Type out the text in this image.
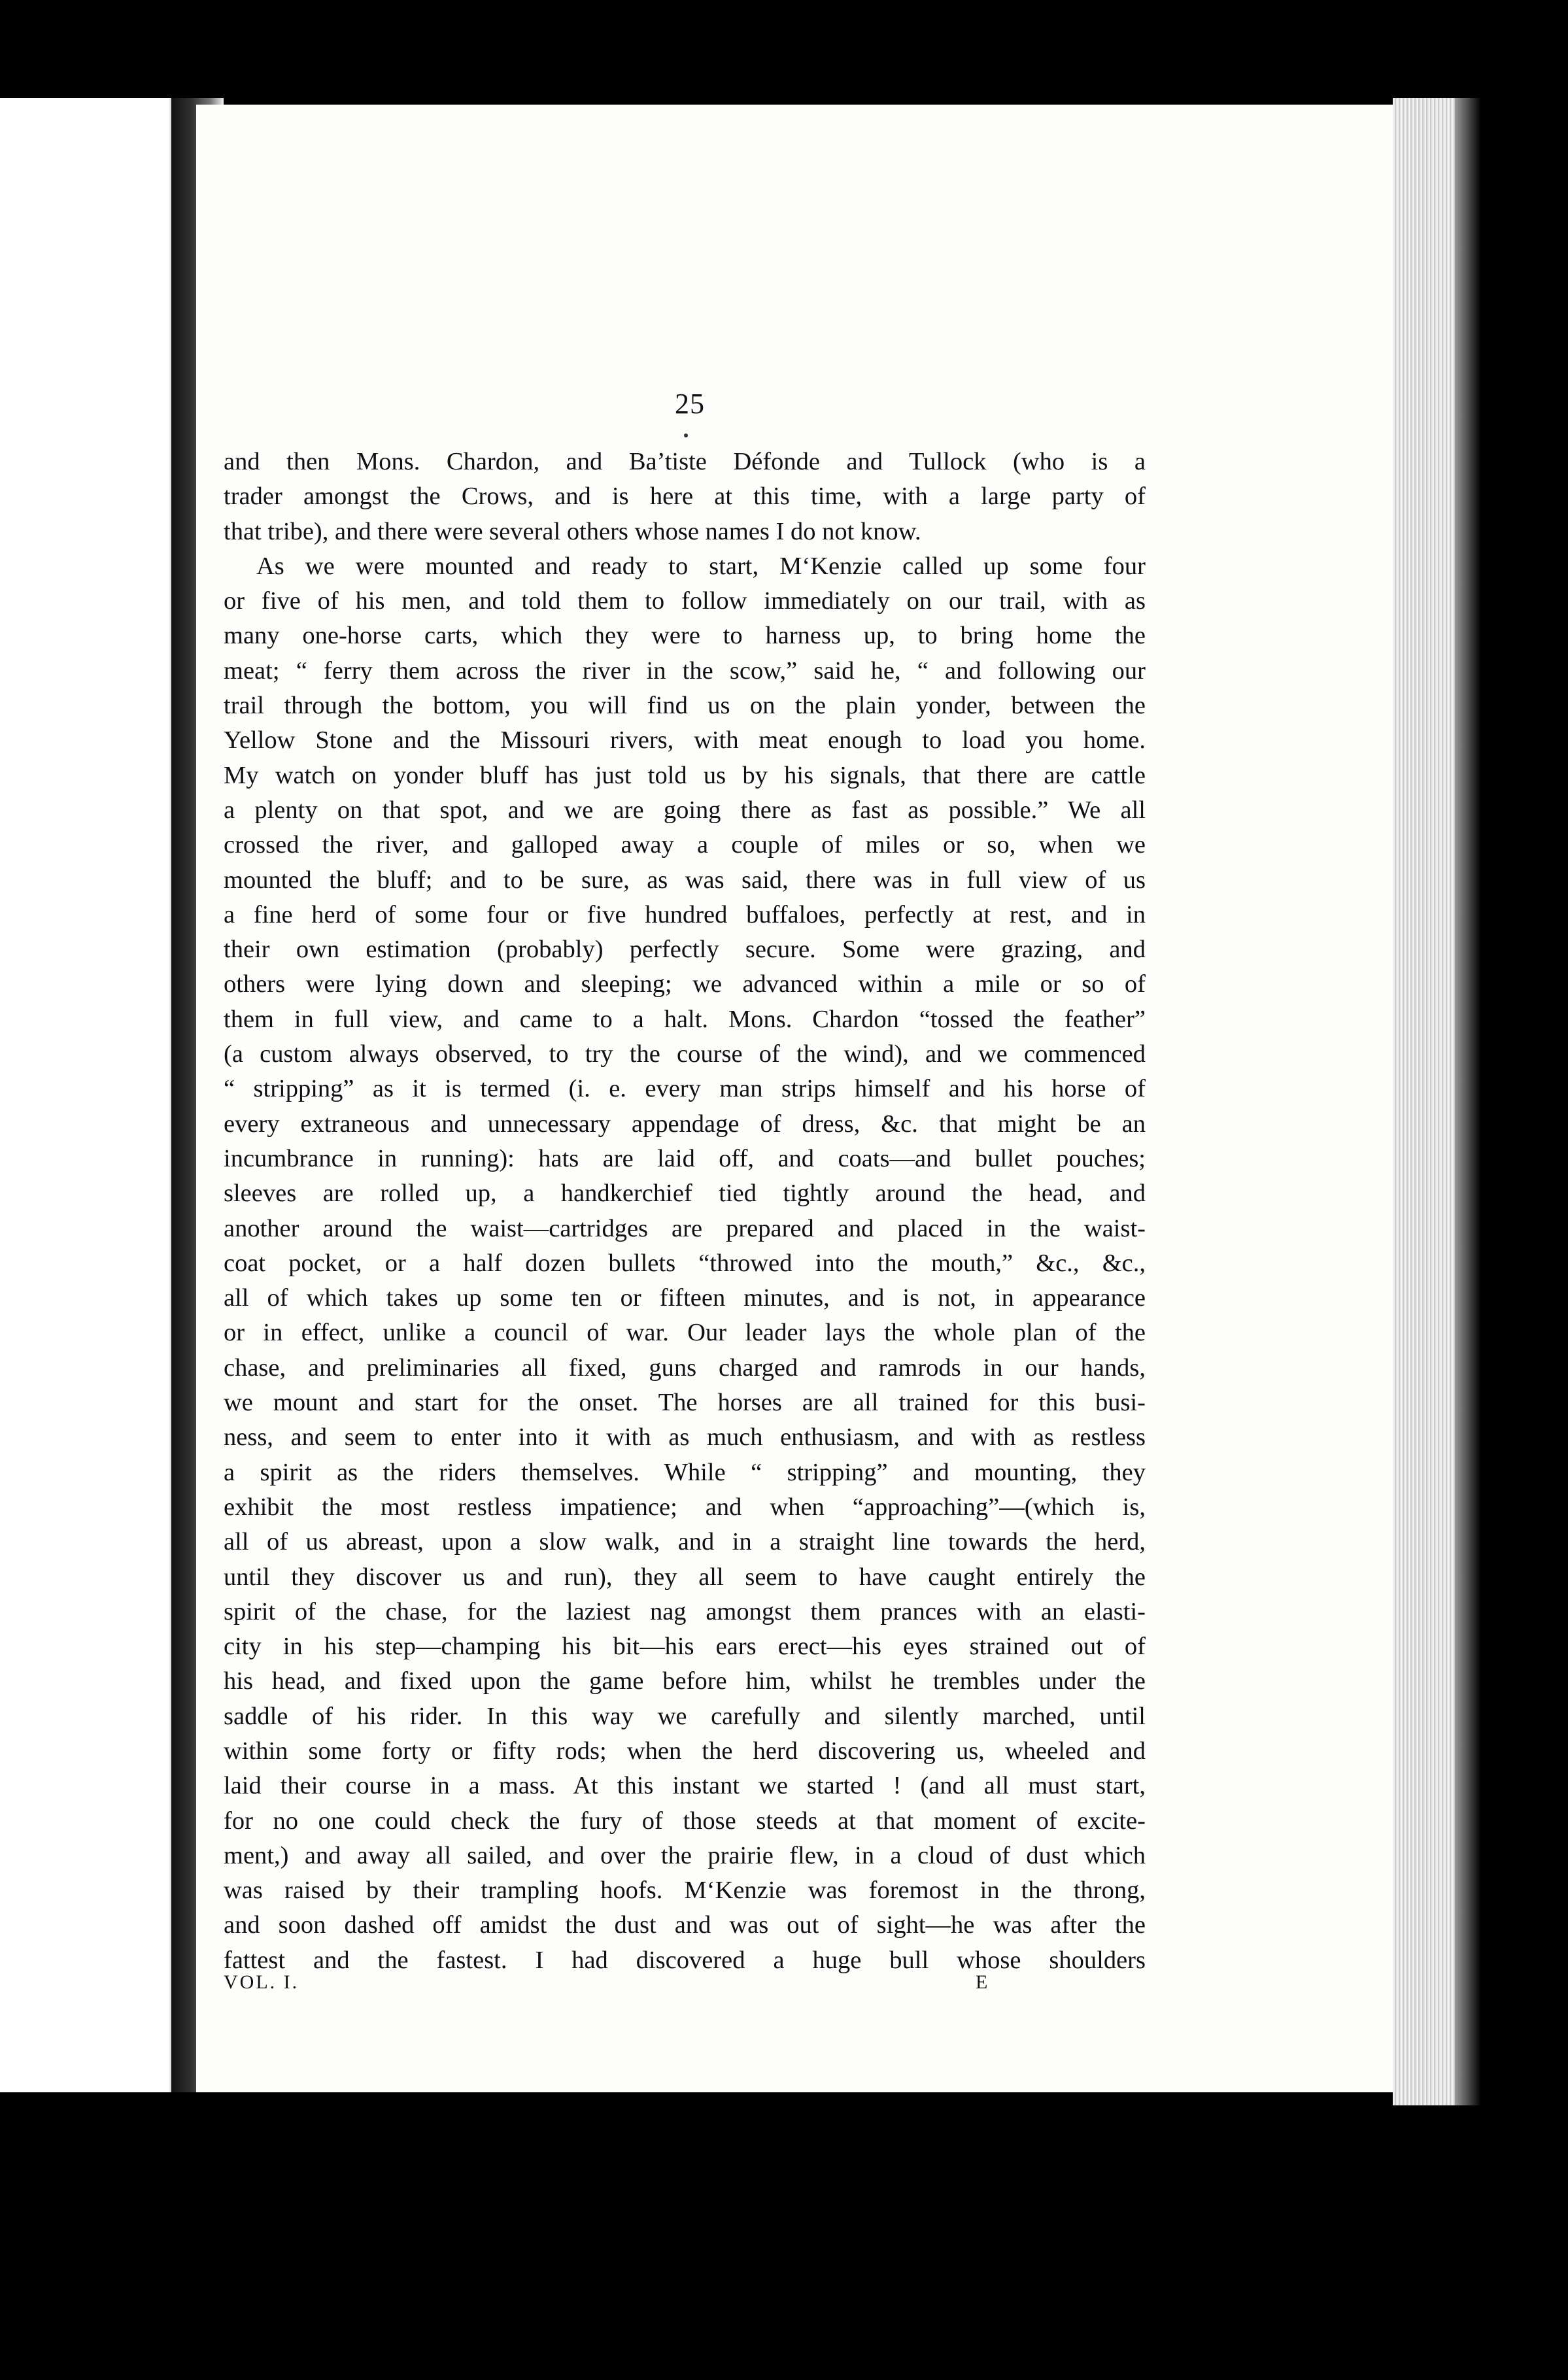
25
and then Mons. Chardon, and Ba’tiste Défonde and Tullock (who is a
trader amongst the Crows, and is here at this time, with a large party of
that tribe), and there were several others whose names I do not know.
As we were mounted and ready to start, M‘Kenzie called up some four
or five of his men, and told them to follow immediately on our trail, with as
many one-horse carts, which they were to harness up, to bring home the
meat; “ ferry them across the river in the scow,” said he, “ and following our
trail through the bottom, you will find us on the plain yonder, between the
Yellow Stone and the Missouri rivers, with meat enough to load you home.
My watch on yonder bluff has just told us by his signals, that there are cattle
a plenty on that spot, and we are going there as fast as possible.” We all
crossed the river, and galloped away a couple of miles or so, when we
mounted the bluff; and to be sure, as was said, there was in full view of us
a fine herd of some four or five hundred buffaloes, perfectly at rest, and in
their own estimation (probably) perfectly secure. Some were grazing, and
others were lying down and sleeping; we advanced within a mile or so of
them in full view, and came to a halt. Mons. Chardon “tossed the feather”
(a custom always observed, to try the course of the wind), and we commenced
“ stripping” as it is termed (i. e. every man strips himself and his horse of
every extraneous and unnecessary appendage of dress, &c. that might be an
incumbrance in running): hats are laid off, and coats—and bullet pouches;
sleeves are rolled up, a handkerchief tied tightly around the head, and
another around the waist—cartridges are prepared and placed in the waist-
coat pocket, or a half dozen bullets “throwed into the mouth,” &c., &c.,
all of which takes up some ten or fifteen minutes, and is not, in appearance
or in effect, unlike a council of war. Our leader lays the whole plan of the
chase, and preliminaries all fixed, guns charged and ramrods in our hands,
we mount and start for the onset. The horses are all trained for this busi-
ness, and seem to enter into it with as much enthusiasm, and with as restless
a spirit as the riders themselves. While “ stripping” and mounting, they
exhibit the most restless impatience; and when “approaching”—(which is,
all of us abreast, upon a slow walk, and in a straight line towards the herd,
until they discover us and run), they all seem to have caught entirely the
spirit of the chase, for the laziest nag amongst them prances with an elasti-
city in his step—champing his bit—his ears erect—his eyes strained out of
his head, and fixed upon the game before him, whilst he trembles under the
saddle of his rider. In this way we carefully and silently marched, until
within some forty or fifty rods; when the herd discovering us, wheeled and
laid their course in a mass. At this instant we started ! (and all must start,
for no one could check the fury of those steeds at that moment of excite-
ment,) and away all sailed, and over the prairie flew, in a cloud of dust which
was raised by their trampling hoofs. M‘Kenzie was foremost in the throng,
and soon dashed off amidst the dust and was out of sight—he was after the
fattest and the fastest. I had discovered a huge bull whose shoulders
VOL. I.	E
